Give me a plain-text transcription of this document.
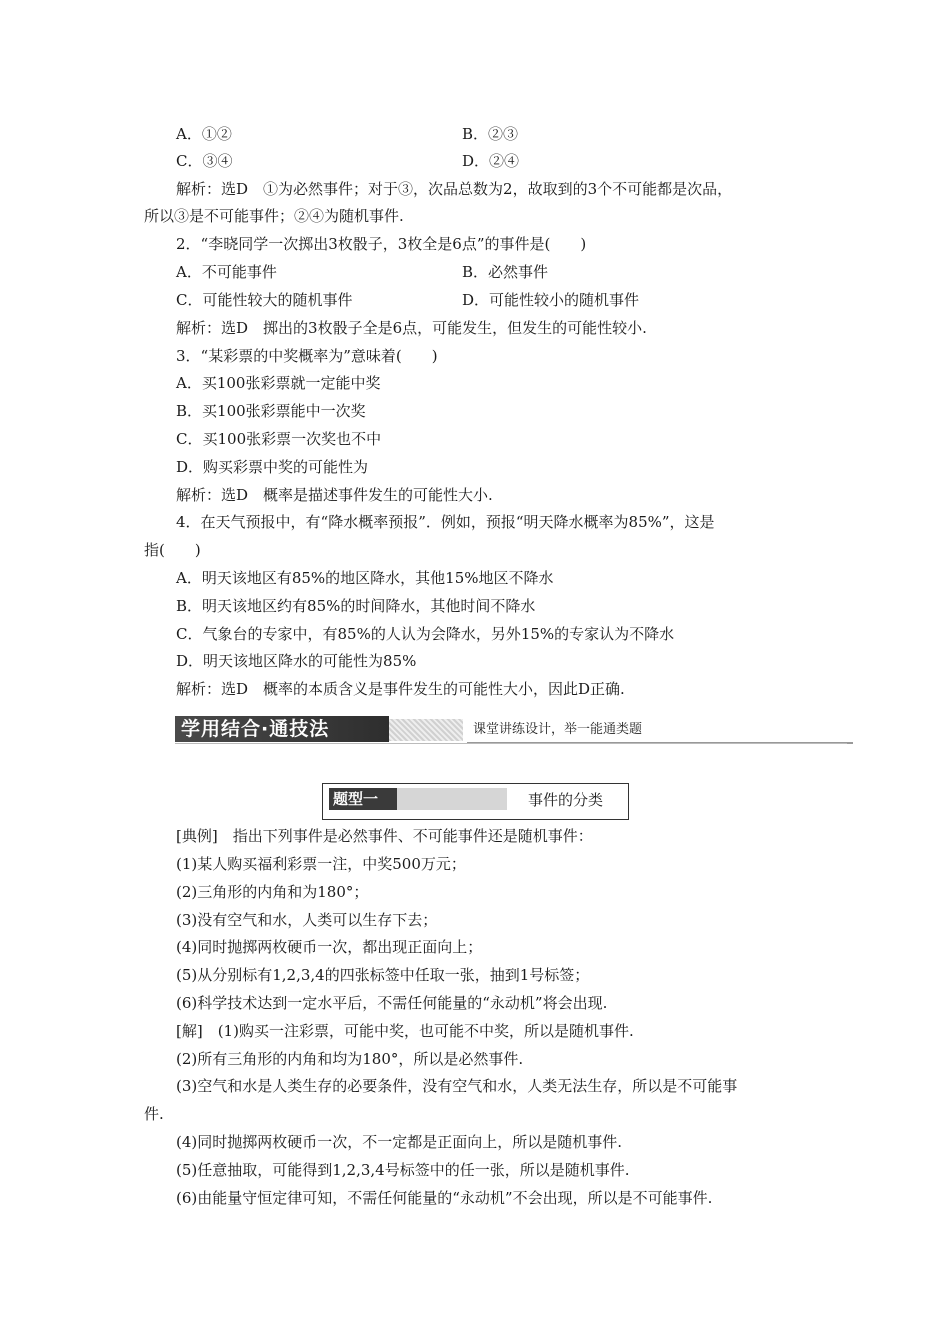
A．①②	B．②③
C．③④	D．②④
解析：选D　①为必然事件；对于③，次品总数为2，故取到的3个不可能都是次品，
所以③是不可能事件；②④为随机事件.
2．“李晓同学一次掷出3枚骰子，3枚全是6点”的事件是(　　)
A．不可能事件	B．必然事件
C．可能性较大的随机事件	D．可能性较小的随机事件
解析：选D　掷出的3枚骰子全是6点，可能发生，但发生的可能性较小.
3．“某彩票的中奖概率为”意味着(　　)
A．买100张彩票就一定能中奖
B．买100张彩票能中一次奖
C．买100张彩票一次奖也不中
D．购买彩票中奖的可能性为
解析：选D　概率是描述事件发生的可能性大小.
4．在天气预报中，有“降水概率预报”．例如，预报“明天降水概率为85%”，这是
指(　　)
A．明天该地区有85%的地区降水，其他15%地区不降水
B．明天该地区约有85%的时间降水，其他时间不降水
C．气象台的专家中，有85%的人认为会降水，另外15%的专家认为不降水
D．明天该地区降水的可能性为85%
解析：选D　概率的本质含义是事件发生的可能性大小，因此D正确.
学用结合·通技法	课堂讲练设计，举一能通类题
题型一	事件的分类
[典例]　指出下列事件是必然事件、不可能事件还是随机事件：
(1)某人购买福利彩票一注，中奖500万元；
(2)三角形的内角和为180°；
(3)没有空气和水，人类可以生存下去；
(4)同时抛掷两枚硬币一次，都出现正面向上；
(5)从分别标有1,2,3,4的四张标签中任取一张，抽到1号标签；
(6)科学技术达到一定水平后，不需任何能量的“永动机”将会出现.
[解]　(1)购买一注彩票，可能中奖，也可能不中奖，所以是随机事件.
(2)所有三角形的内角和均为180°，所以是必然事件.
(3)空气和水是人类生存的必要条件，没有空气和水，人类无法生存，所以是不可能事
件.
(4)同时抛掷两枚硬币一次，不一定都是正面向上，所以是随机事件.
(5)任意抽取，可能得到1,2,3,4号标签中的任一张，所以是随机事件.
(6)由能量守恒定律可知，不需任何能量的“永动机”不会出现，所以是不可能事件.
